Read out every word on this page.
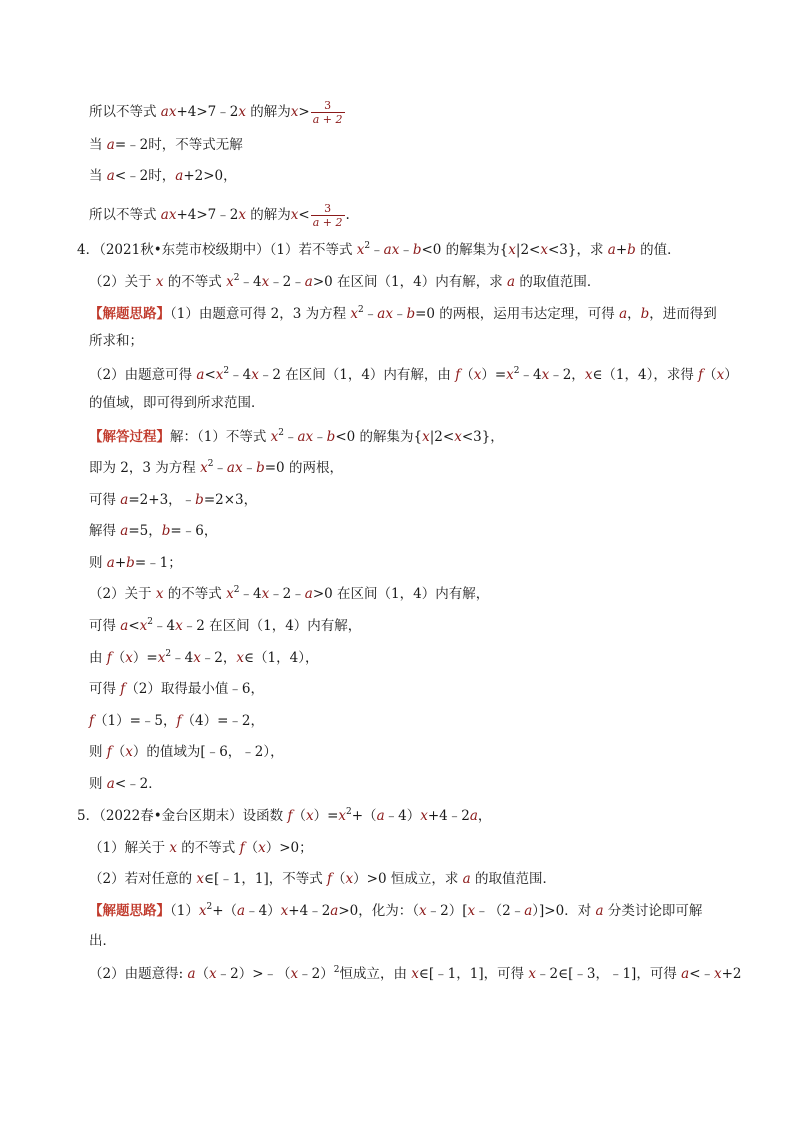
所以不等式 ax+4>7﹣2x 的解为$x> \frac{3}{a + 2}$
当 a=﹣2时，不等式无解
当 a<﹣2时，a+2>0，
所以不等式 ax+4>7﹣2x 的解为$x< \frac{3}{a + 2}$ .
4．（2021秋•东莞市校级期中）（1）若不等式 $x^2﹣ax﹣b<0$ 的解集为{x|2<x<3}，求 a+b 的值．
（2）关于 x 的不等式 $x^2﹣4x﹣2﹣a>0$ 在区间（1，4）内有解，求 a 的取值范围．
【解题思路】（1）由题意可得 2，3 为方程 $x^2﹣ax﹣b=0$ 的两根，运用韦达定理，可得 a，b，进而得到
所求和；
（2）由题意可得 $a<x^2﹣4x﹣2$ 在区间（1，4）内有解，由 $f(x)=x^2﹣4x﹣2$，x∈（1，4），求得 f（x）
的值域，即可得到所求范围．
【解答过程】解：（1）不等式 $x^2﹣ax﹣b<0$ 的解集为{x|2<x<3}，
即为 2，3 为方程 $x^2﹣ax﹣b=0$ 的两根，
可得 a=2+3，﹣b=2×3，
解得 a=5，b=﹣6，
则 a+b=﹣1；
（2）关于 x 的不等式 $x^2﹣4x﹣2﹣a>0$ 在区间（1，4）内有解，
可得 $a<x^2﹣4x﹣2$ 在区间（1，4）内有解，
由 $f(x)=x^2﹣4x﹣2$，x∈（1，4），
可得 f（2）取得最小值﹣6，
f（1）=﹣5，f（4）=﹣2，
则 f（x）的值域为[﹣6，﹣2），
则 a<﹣2．
5．（2022春•金台区期末）设函数 $f(x)=x^2+(a﹣4)x+4﹣2a$，
（1）解关于 x 的不等式 f（x）>0；
（2）若对任意的 x∈[﹣1，1]，不等式 f（x）>0 恒成立，求 a 的取值范围．
【解题思路】$(1)x^2+(a﹣4)x+4﹣2a>0$，化为：（x﹣2）[x﹣（2﹣a）]>0．对 a 分类讨论即可解
出．
（2）由题意得: a（x﹣2）>﹣（x﹣2）$^2$恒成立，由 x∈[﹣1，1]，可得 x﹣2∈[﹣3，﹣1]，可得 a<﹣x+2
